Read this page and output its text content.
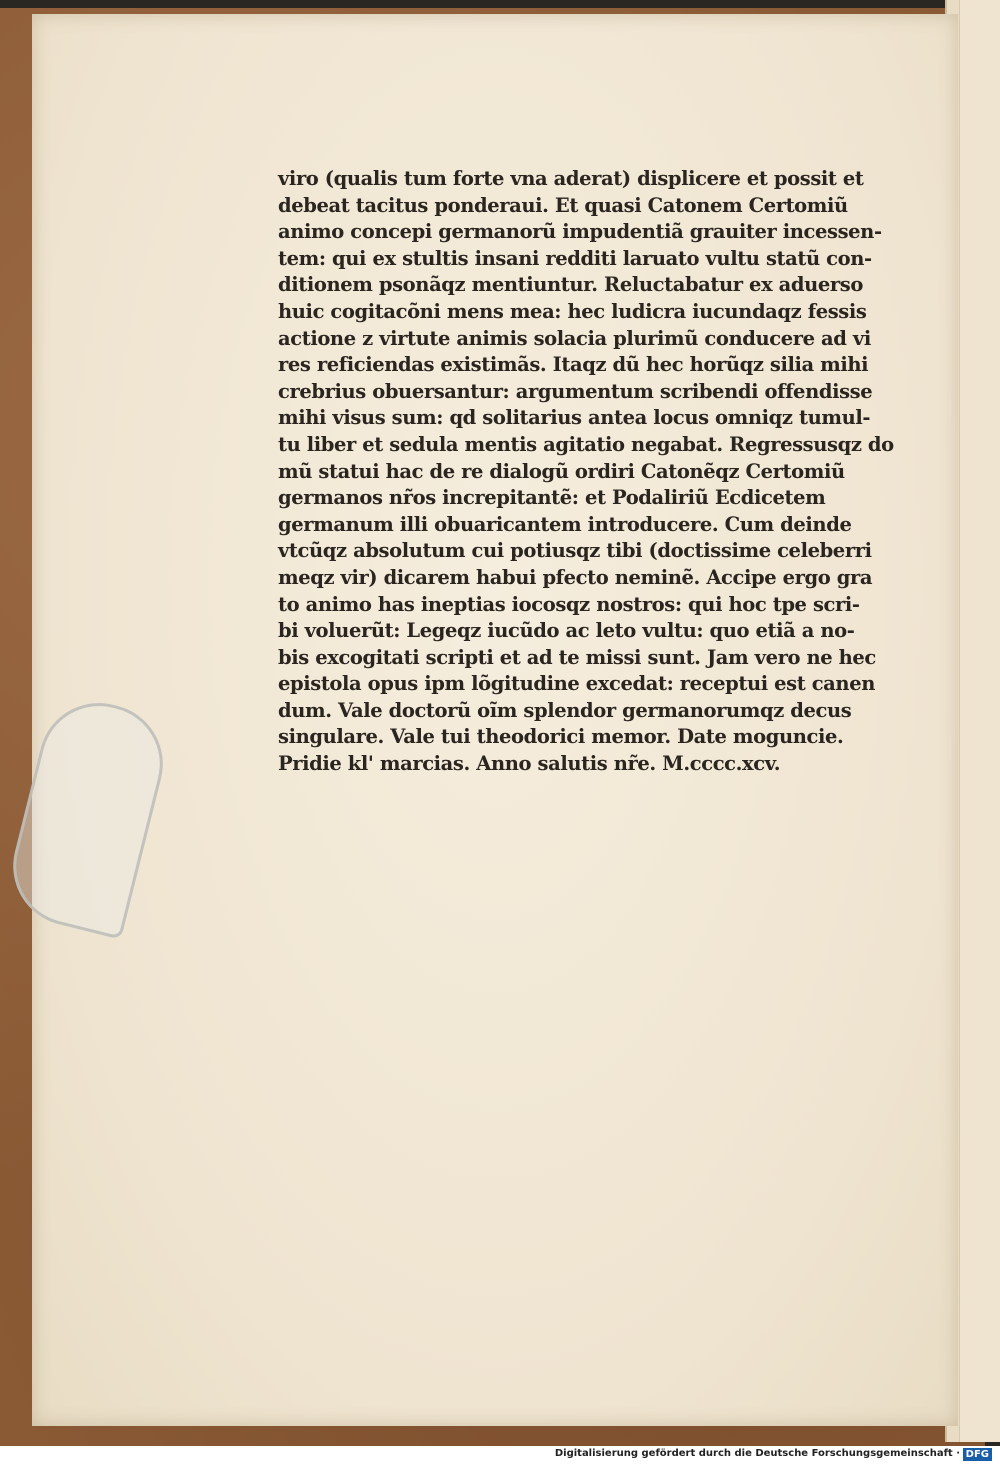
viro (qualis tum forte vna aderat) displicere et possit et
debeat tacitus ponderaui. Et quasi Catonem Certomiũ
animo concepi germanorũ impudentiã grauiter incessen-
tem: qui ex stultis insani redditi laruato vultu statũ con-
ditionem psonãqz mentiuntur. Reluctabatur ex aduerso
huic cogitacõni mens mea: hec ludicra iucundaqz fessis
actione z virtute animis solacia plurimũ conducere ad vi
res reficiendas existimãs. Itaqz dũ hec horũqz silia mihi
crebrius obuersantur: argumentum scribendi offendisse
mihi visus sum: qd solitarius antea locus omniqz tumul-
tu liber et sedula mentis agitatio negabat. Regressusqz do
mũ statui hac de re dialogũ ordiri Catonẽqz Certomiũ
germanos nr̃os increpitantẽ: et Podaliriũ Ecdicetem
germanum illi obuaricantem introducere. Cum deinde
vtcũqz absolutum cui potiusqz tibi (doctissime celeberri
meqz vir) dicarem habui pfecto neminẽ. Accipe ergo gra
to animo has ineptias iocosqz nostros: qui hoc tpe scri-
bi voluerũt: Legeqz iucũdo ac leto vultu: quo etiã a no-
bis excogitati scripti et ad te missi sunt. Jam vero ne hec
epistola opus ipm lõgitudine excedat: receptui est canen
dum. Vale doctorũ oĩm splendor germanorumqz decus
singulare. Vale tui theodorici memor. Date moguncie.
Pridie kl' marcias. Anno salutis nr̃e. M.cccc.xcv.
Digitalisierung gefördert durch die Deutsche Forschungsgemeinschaft · DFG
